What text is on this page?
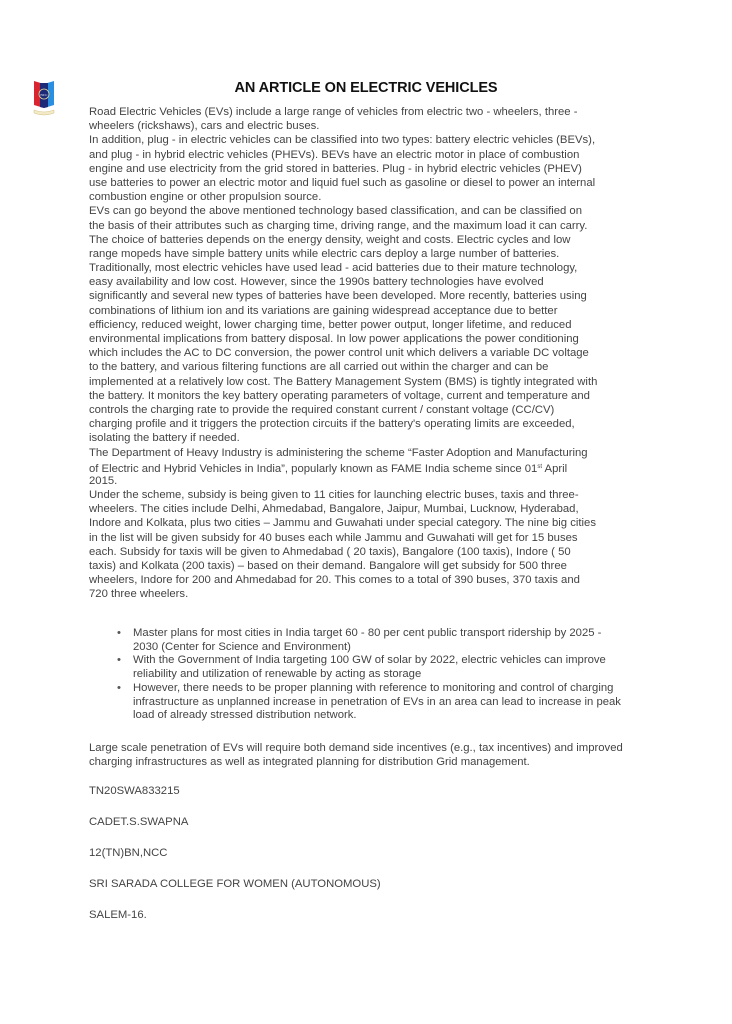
NCC	AN ARTICLE ON ELECTRIC VEHICLES
Road Electric Vehicles (EVs) include a large range of vehicles from electric two - wheelers, three -
wheelers (rickshaws), cars and electric buses.
In addition, plug - in electric vehicles can be classified into two types: battery electric vehicles (BEVs),
and plug - in hybrid electric vehicles (PHEVs). BEVs have an electric motor in place of combustion
engine and use electricity from the grid stored in batteries. Plug - in hybrid electric vehicles (PHEV)
use batteries to power an electric motor and liquid fuel such as gasoline or diesel to power an internal
combustion engine or other propulsion source.
EVs can go beyond the above mentioned technology based classification, and can be classified on
the basis of their attributes such as charging time, driving range, and the maximum load it can carry.
The choice of batteries depends on the energy density, weight and costs. Electric cycles and low
range mopeds have simple battery units while electric cars deploy a large number of batteries.
Traditionally, most electric vehicles have used lead - acid batteries due to their mature technology,
easy availability and low cost. However, since the 1990s battery technologies have evolved
significantly and several new types of batteries have been developed. More recently, batteries using
combinations of lithium ion and its variations are gaining widespread acceptance due to better
efficiency, reduced weight, lower charging time, better power output, longer lifetime, and reduced
environmental implications from battery disposal. In low power applications the power conditioning
which includes the AC to DC conversion, the power control unit which delivers a variable DC voltage
to the battery, and various filtering functions are all carried out within the charger and can be
implemented at a relatively low cost. The Battery Management System (BMS) is tightly integrated with
the battery. It monitors the key battery operating parameters of voltage, current and temperature and
controls the charging rate to provide the required constant current / constant voltage (CC/CV)
charging profile and it triggers the protection circuits if the battery's operating limits are exceeded,
isolating the battery if needed.
The Department of Heavy Industry is administering the scheme “Faster Adoption and Manufacturing
of Electric and Hybrid Vehicles in India”, popularly known as FAME India scheme since 01st April
2015.
Under the scheme, subsidy is being given to 11 cities for launching electric buses, taxis and three-
wheelers. The cities include Delhi, Ahmedabad, Bangalore, Jaipur, Mumbai, Lucknow, Hyderabad,
Indore and Kolkata, plus two cities – Jammu and Guwahati under special category. The nine big cities
in the list will be given subsidy for 40 buses each while Jammu and Guwahati will get for 15 buses
each. Subsidy for taxis will be given to Ahmedabad ( 20 taxis), Bangalore (100 taxis), Indore ( 50
taxis) and Kolkata (200 taxis) – based on their demand. Bangalore will get subsidy for 500 three
wheelers, Indore for 200 and Ahmedabad for 20. This comes to a total of 390 buses, 370 taxis and
720 three wheelers.
• Master plans for most cities in India target 60 - 80 per cent public transport ridership by 2025 -
2030 (Center for Science and Environment)
• With the Government of India targeting 100 GW of solar by 2022, electric vehicles can improve
reliability and utilization of renewable by acting as storage
• However, there needs to be proper planning with reference to monitoring and control of charging
infrastructure as unplanned increase in penetration of EVs in an area can lead to increase in peak
load of already stressed distribution network.
Large scale penetration of EVs will require both demand side incentives (e.g., tax incentives) and improved
charging infrastructures as well as integrated planning for distribution Grid management.
TN20SWA833215
CADET.S.SWAPNA
12(TN)BN,NCC
SRI SARADA COLLEGE FOR WOMEN (AUTONOMOUS)
SALEM-16.
